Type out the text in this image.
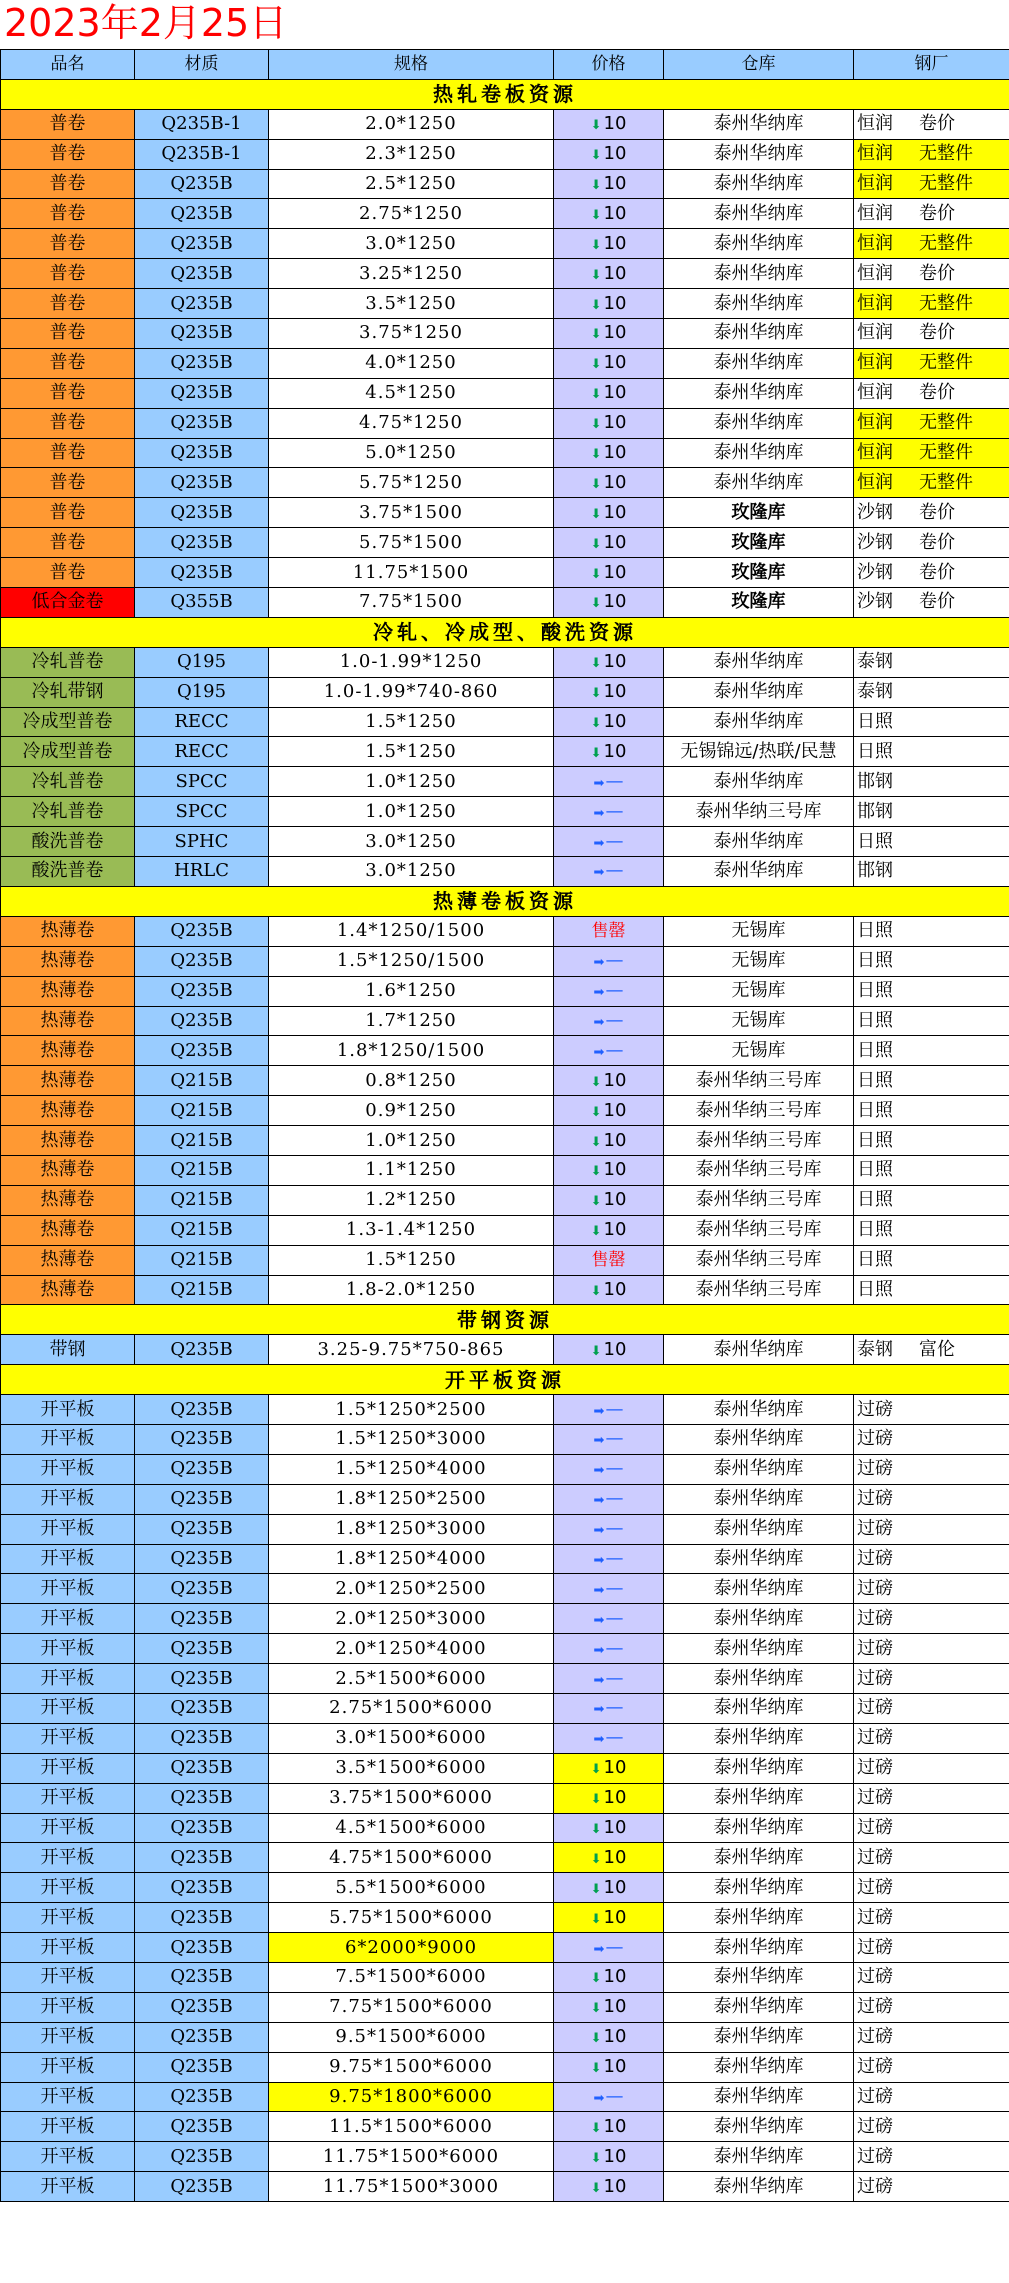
2023年2月25日
品名	材质	规格	价格	仓库	钢厂
热轧卷板资源					
普卷	Q235B-1	2.0*1250	⬇ 10	泰州华纳库	恒润 卷价
普卷	Q235B-1	2.3*1250	⬇ 10	泰州华纳库	恒润 无整件
普卷	Q235B	2.5*1250	⬇ 10	泰州华纳库	恒润 无整件
普卷	Q235B	2.75*1250	⬇ 10	泰州华纳库	恒润 卷价
普卷	Q235B	3.0*1250	⬇ 10	泰州华纳库	恒润 无整件
普卷	Q235B	3.25*1250	⬇ 10	泰州华纳库	恒润 卷价
普卷	Q235B	3.5*1250	⬇ 10	泰州华纳库	恒润 无整件
普卷	Q235B	3.75*1250	⬇ 10	泰州华纳库	恒润 卷价
普卷	Q235B	4.0*1250	⬇ 10	泰州华纳库	恒润 无整件
普卷	Q235B	4.5*1250	⬇ 10	泰州华纳库	恒润 卷价
普卷	Q235B	4.75*1250	⬇ 10	泰州华纳库	恒润 无整件
普卷	Q235B	5.0*1250	⬇ 10	泰州华纳库	恒润 无整件
普卷	Q235B	5.75*1250	⬇ 10	泰州华纳库	恒润 无整件
普卷	Q235B	3.75*1500	⬇ 10	玫隆库	沙钢 卷价
普卷	Q235B	5.75*1500	⬇ 10	玫隆库	沙钢 卷价
普卷	Q235B	11.75*1500	⬇ 10	玫隆库	沙钢 卷价
低合金卷	Q355B	7.75*1500	⬇ 10	玫隆库	沙钢 卷价
冷轧、冷成型、酸洗资源					
冷轧普卷	Q195	1.0-1.99*1250	⬇ 10	泰州华纳库	泰钢
冷轧带钢	Q195	1.0-1.99*740-860	⬇ 10	泰州华纳库	泰钢
冷成型普卷	RECC	1.5*1250	⬇ 10	泰州华纳库	日照
冷成型普卷	RECC	1.5*1250	⬇ 10	无锡锦远/热联/民慧	日照
冷轧普卷	SPCC	1.0*1250	➡—	泰州华纳库	邯钢
冷轧普卷	SPCC	1.0*1250	➡—	泰州华纳三号库	邯钢
酸洗普卷	SPHC	3.0*1250	➡—	泰州华纳库	日照
酸洗普卷	HRLC	3.0*1250	➡—	泰州华纳库	邯钢
热薄卷板资源					
热薄卷	Q235B	1.4*1250/1500	售罄	无锡库	日照
热薄卷	Q235B	1.5*1250/1500	➡—	无锡库	日照
热薄卷	Q235B	1.6*1250	➡—	无锡库	日照
热薄卷	Q235B	1.7*1250	➡—	无锡库	日照
热薄卷	Q235B	1.8*1250/1500	➡—	无锡库	日照
热薄卷	Q215B	0.8*1250	⬇ 10	泰州华纳三号库	日照
热薄卷	Q215B	0.9*1250	⬇ 10	泰州华纳三号库	日照
热薄卷	Q215B	1.0*1250	⬇ 10	泰州华纳三号库	日照
热薄卷	Q215B	1.1*1250	⬇ 10	泰州华纳三号库	日照
热薄卷	Q215B	1.2*1250	⬇ 10	泰州华纳三号库	日照
热薄卷	Q215B	1.3-1.4*1250	⬇ 10	泰州华纳三号库	日照
热薄卷	Q215B	1.5*1250	售罄	泰州华纳三号库	日照
热薄卷	Q215B	1.8-2.0*1250	⬇ 10	泰州华纳三号库	日照
带钢资源					
带钢	Q235B	3.25-9.75*750-865	⬇ 10	泰州华纳库	泰钢 富伦
开平板资源					
开平板	Q235B	1.5*1250*2500	➡—	泰州华纳库	过磅
开平板	Q235B	1.5*1250*3000	➡—	泰州华纳库	过磅
开平板	Q235B	1.5*1250*4000	➡—	泰州华纳库	过磅
开平板	Q235B	1.8*1250*2500	➡—	泰州华纳库	过磅
开平板	Q235B	1.8*1250*3000	➡—	泰州华纳库	过磅
开平板	Q235B	1.8*1250*4000	➡—	泰州华纳库	过磅
开平板	Q235B	2.0*1250*2500	➡—	泰州华纳库	过磅
开平板	Q235B	2.0*1250*3000	➡—	泰州华纳库	过磅
开平板	Q235B	2.0*1250*4000	➡—	泰州华纳库	过磅
开平板	Q235B	2.5*1500*6000	➡—	泰州华纳库	过磅
开平板	Q235B	2.75*1500*6000	➡—	泰州华纳库	过磅
开平板	Q235B	3.0*1500*6000	➡—	泰州华纳库	过磅
开平板	Q235B	3.5*1500*6000	⬇ 10	泰州华纳库	过磅
开平板	Q235B	3.75*1500*6000	⬇ 10	泰州华纳库	过磅
开平板	Q235B	4.5*1500*6000	⬇ 10	泰州华纳库	过磅
开平板	Q235B	4.75*1500*6000	⬇ 10	泰州华纳库	过磅
开平板	Q235B	5.5*1500*6000	⬇ 10	泰州华纳库	过磅
开平板	Q235B	5.75*1500*6000	⬇ 10	泰州华纳库	过磅
开平板	Q235B	6*2000*9000	➡—	泰州华纳库	过磅
开平板	Q235B	7.5*1500*6000	⬇ 10	泰州华纳库	过磅
开平板	Q235B	7.75*1500*6000	⬇ 10	泰州华纳库	过磅
开平板	Q235B	9.5*1500*6000	⬇ 10	泰州华纳库	过磅
开平板	Q235B	9.75*1500*6000	⬇ 10	泰州华纳库	过磅
开平板	Q235B	9.75*1800*6000	➡—	泰州华纳库	过磅
开平板	Q235B	11.5*1500*6000	⬇ 10	泰州华纳库	过磅
开平板	Q235B	11.75*1500*6000	⬇ 10	泰州华纳库	过磅
开平板	Q235B	11.75*1500*3000	⬇ 10	泰州华纳库	过磅
